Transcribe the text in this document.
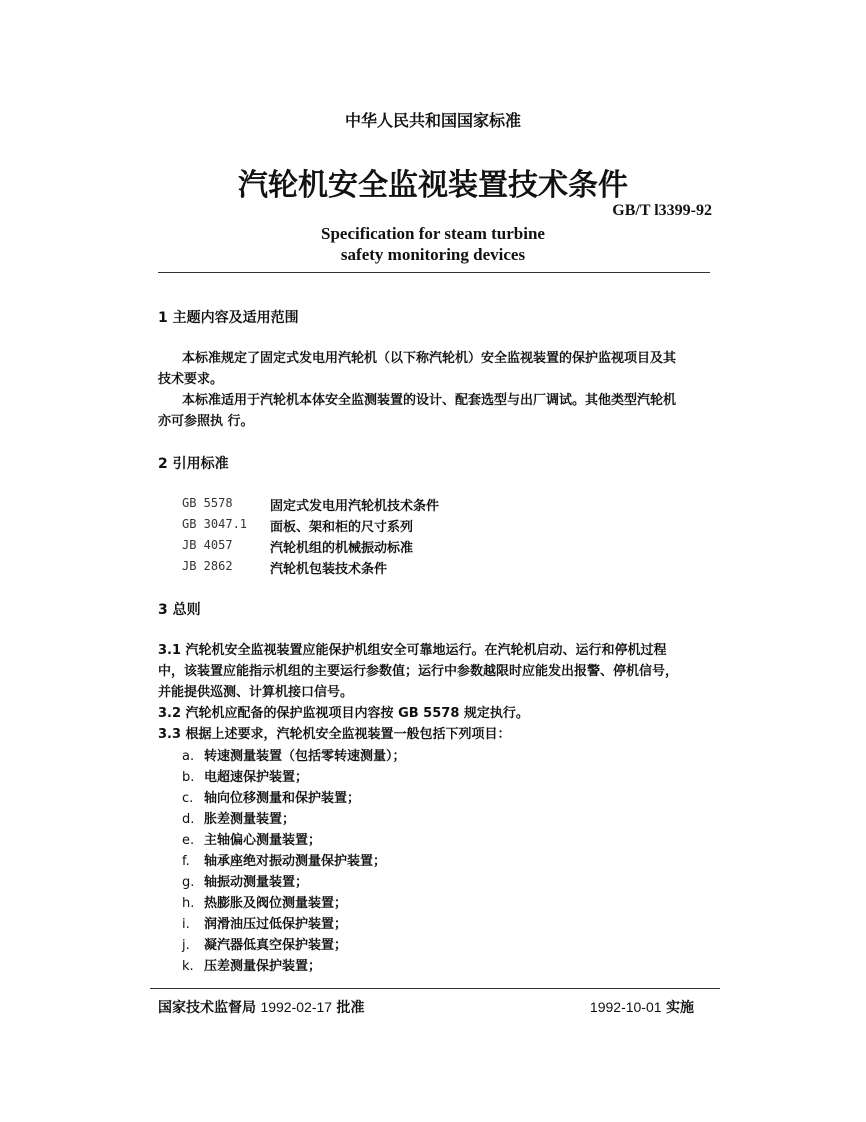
中华人民共和国国家标准
汽轮机安全监视装置技术条件
GB/T l3399-92
Specification for steam turbine
safety monitoring devices
1 主题内容及适用范围
本标准规定了固定式发电用汽轮机（以下称汽轮机）安全监视装置的保护监视项目及其
技术要求。
本标准适用于汽轮机本体安全监测装置的设计、配套选型与出厂调试。其他类型汽轮机
亦可参照执 行。
2 引用标准
GB 5578	固定式发电用汽轮机技术条件
GB 3047.1 面板、架和柜的尺寸系列
JB 4057	汽轮机组的机械振动标准
JB 2862	汽轮机包装技术条件
3 总则
3.1 汽轮机安全监视装置应能保护机组安全可靠地运行。在汽轮机启动、运行和停机过程
中，该装置应能指示机组的主要运行参数值；运行中参数越限时应能发出报警、停机信号，
并能提供巡测、计算机接口信号。
3.2 汽轮机应配备的保护监视项目内容按 GB 5578 规定执行。
3.3 根据上述要求，汽轮机安全监视装置一般包括下列项目：
a. 转速测量装置（包括零转速测量）；
b. 电超速保护装置；
c. 轴向位移测量和保护装置；
d. 胀差测量装置；
e. 主轴偏心测量装置；
f. 轴承座绝对振动测量保护装置；
g. 轴振动测量装置；
h. 热膨胀及阀位测量装置；
i. 润滑油压过低保护装置；
j. 凝汽器低真空保护装置；
k. 压差测量保护装置；
国家技术监督局 1992-02-17 批准	1992-10-01 实施
